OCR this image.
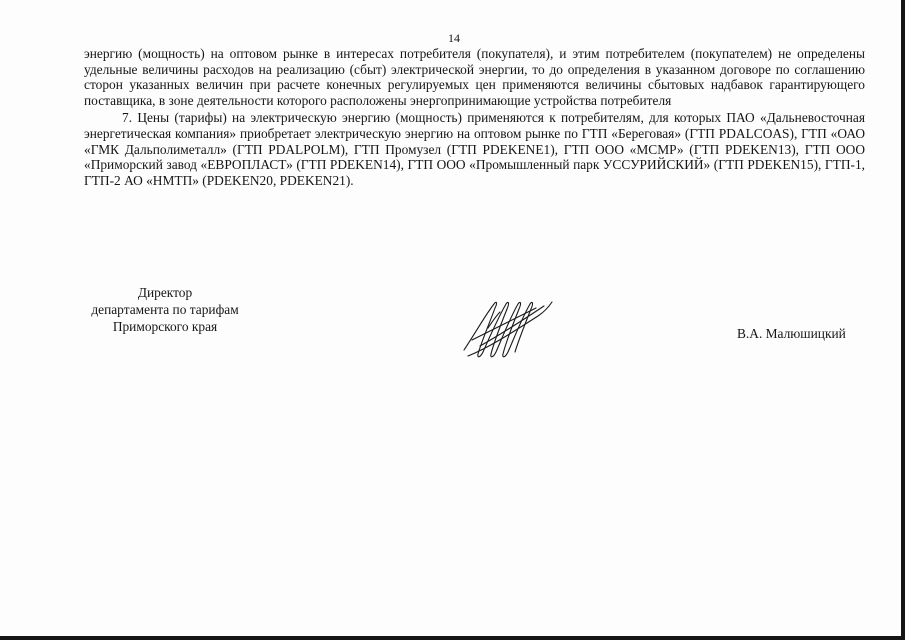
14

энергию (мощность) на оптовом рынке в интересах потребителя (покупателя), и этим потребителем (покупателем) не определены удельные величины расходов на реализацию (сбыт) электрической энергии, то до определения в указанном договоре по соглашению сторон указанных величин при расчете конечных регулируемых цен применяются величины сбытовых надбавок гарантирующего поставщика, в зоне деятельности которого расположены энергопринимающие устройства потребителя

7. Цены (тарифы) на электрическую энергию (мощность) применяются к потребителям, для которых ПАО «Дальневосточная энергетическая компания» приобретает электрическую энергию на оптовом рынке по ГТП «Береговая» (ГТП PDALCOAS), ГТП «ОАО «ГМК Дальполиметалл» (ГТП PDALPOLM), ГТП Промузел (ГТП PDEKENE1), ГТП ООО «МСМР» (ГТП PDEKEN13), ГТП ООО «Приморский завод «ЕВРОПЛАСТ» (ГТП PDEKEN14), ГТП ООО «Промышленный парк УССУРИЙСКИЙ» (ГТП PDEKEN15), ГТП-1, ГТП-2 АО «НМТП» (PDEKEN20, PDEKEN21).

Директор
департамента по тарифам
Приморского края	В.А. Малюшицкий
